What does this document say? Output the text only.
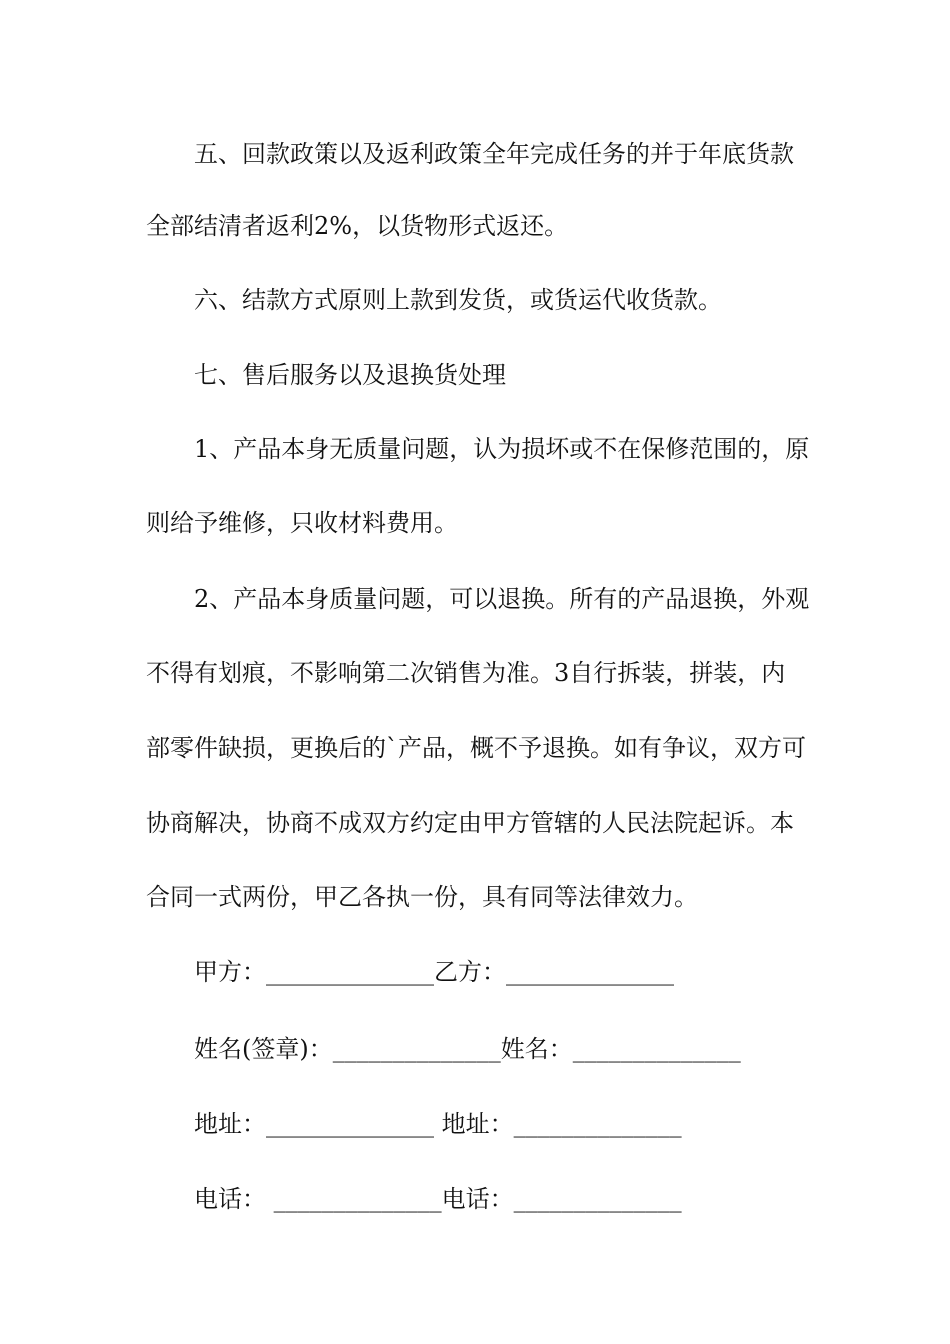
五、回款政策以及返利政策全年完成任务的并于年底货款
全部结清者返利2%，以货物形式返还。
六、结款方式原则上款到发货，或货运代收货款。
七、售后服务以及退换货处理
1、产品本身无质量问题，认为损坏或不在保修范围的，原
则给予维修，只收材料费用。
2、产品本身质量问题，可以退换。所有的产品退换，外观
不得有划痕，不影响第二次销售为准。3自行拆装，拼装，内
部零件缺损，更换后的`产品，概不予退换。如有争议，双方可
协商解决，协商不成双方约定由甲方管辖的人民法院起诉。本
合同一式两份，甲乙各执一份，具有同等法律效力。
甲方：______________乙方：______________
姓名(签章)：______________姓名：______________
地址：______________ 地址：______________
电话： ______________电话：______________
